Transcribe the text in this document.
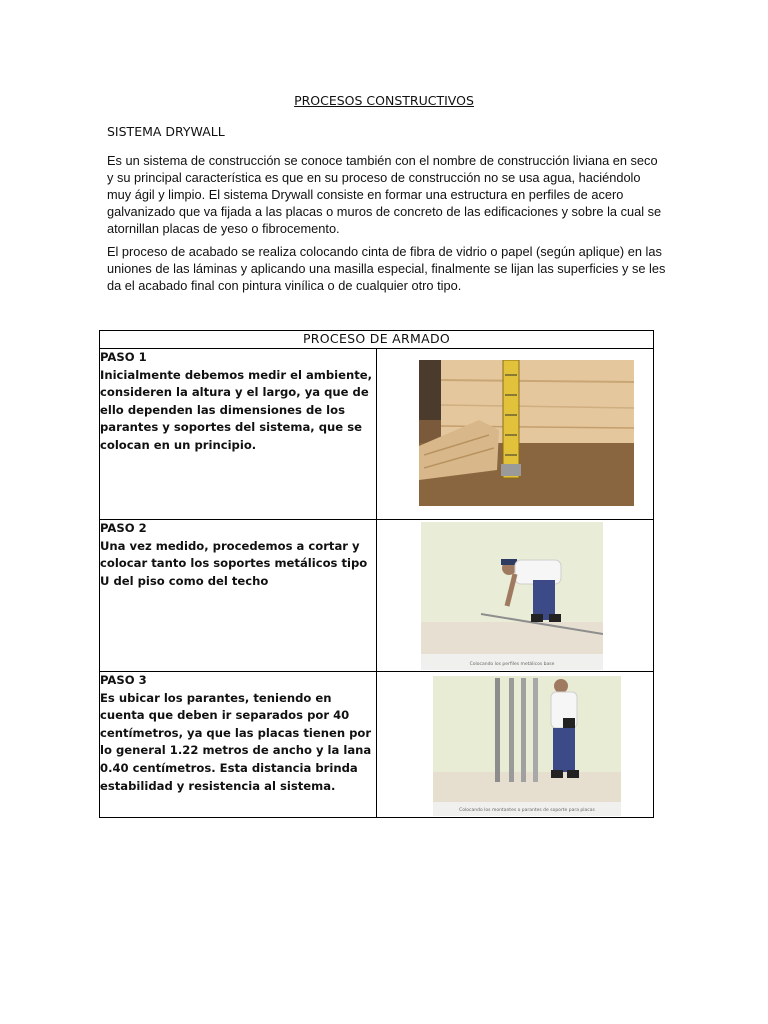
PROCESOS CONSTRUCTIVOS
SISTEMA DRYWALL

Es un sistema de construcción se conoce también con el nombre de construcción liviana en seco y su principal característica es que en su proceso de construcción no se usa agua, haciéndolo muy ágil y limpio. El sistema Drywall consiste en formar una estructura en perfiles de acero galvanizado que va fijada a las placas o muros de concreto de las edificaciones y sobre la cual se atornillan placas de yeso o fibrocemento.

El proceso de acabado se realiza colocando cinta de fibra de vidrio o papel (según aplique) en las uniones de las láminas y aplicando una masilla especial, finalmente se lijan las superficies y se les da el acabado final con pintura vinílica o de cualquier otro tipo.

PROCESO DE ARMADO	

PASO 1
Inicialmente debemos medir el ambiente, consideren la altura y el largo, ya que de ello dependen las dimensiones de los parantes y soportes del sistema, que se colocan en un principio.

PASO 2
Una vez medido, procedemos a cortar y colocar tanto los soportes metálicos tipo U del piso como del techo	Colocando los perfiles metálicos base

PASO 3
Es ubicar los parantes, teniendo en cuenta que deben ir separados por 40 centímetros, ya que las placas tienen por lo general 1.22 metros de ancho y la lana 0.40 centímetros. Esta distancia brinda estabilidad y resistencia al sistema.	Colocando los montantes o parantes de soporte para placas
